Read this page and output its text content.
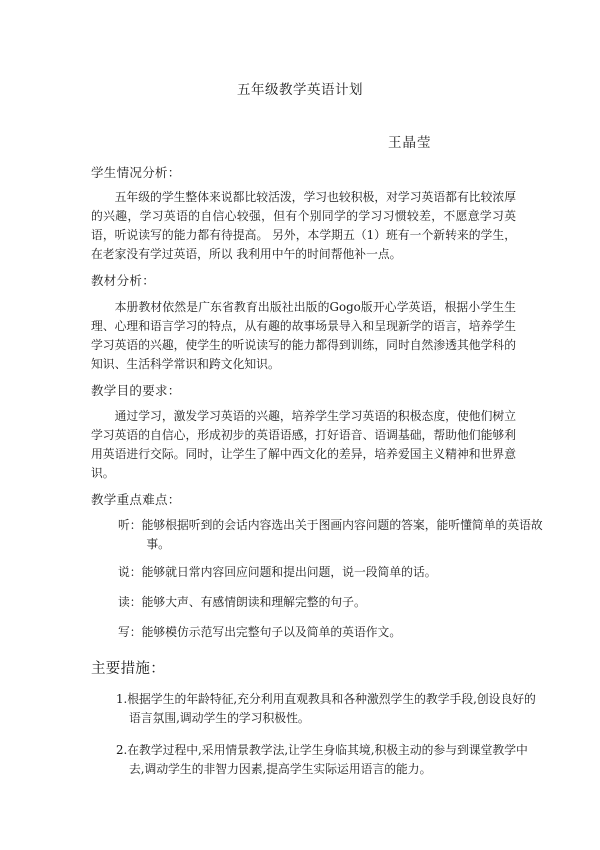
五年级教学英语计划
王晶莹
学生情况分析：

五年级的学生整体来说都比较活泼，学习也较积极，对学习英语都有比较浓厚的兴趣，学习英语的自信心较强，但有个别同学的学习习惯较差，不愿意学习英语，听说读写的能力都有待提高。 另外，本学期五（1）班有一个新转来的学生，在老家没有学过英语，所以 我利用中午的时间帮他补一点。

教材分析：

本册教材依然是广东省教育出版社出版的Gogo版开心学英语，根据小学生生理、心理和语言学习的特点，从有趣的故事场景导入和呈现新学的语言，培养学生学习英语的兴趣，使学生的听说读写的能力都得到训练，同时自然渗透其他学科的知识、生活科学常识和跨文化知识。

教学目的要求：

通过学习，激发学习英语的兴趣，培养学生学习英语的积极态度，使他们树立学习英语的自信心，形成初步的英语语感，打好语音、语调基础，帮助他们能够利用英语进行交际。同时，让学生了解中西文化的差异，培养爱国主义精神和世界意识。

教学重点难点：

听：能够根据听到的会话内容选出关于图画内容问题的答案，能听懂简单的英语故事。

说：能够就日常内容回应问题和提出问题，说一段简单的话。

读：能够大声、有感情朗读和理解完整的句子。

写：能够模仿示范写出完整句子以及简单的英语作文。

主要措施：

1.根据学生的年龄特征,充分利用直观教具和各种激烈学生的教学手段,创设良好的语言氛围,调动学生的学习积极性。

2.在教学过程中,采用情景教学法,让学生身临其境,积极主动的参与到课堂教学中去,调动学生的非智力因素,提高学生实际运用语言的能力。
